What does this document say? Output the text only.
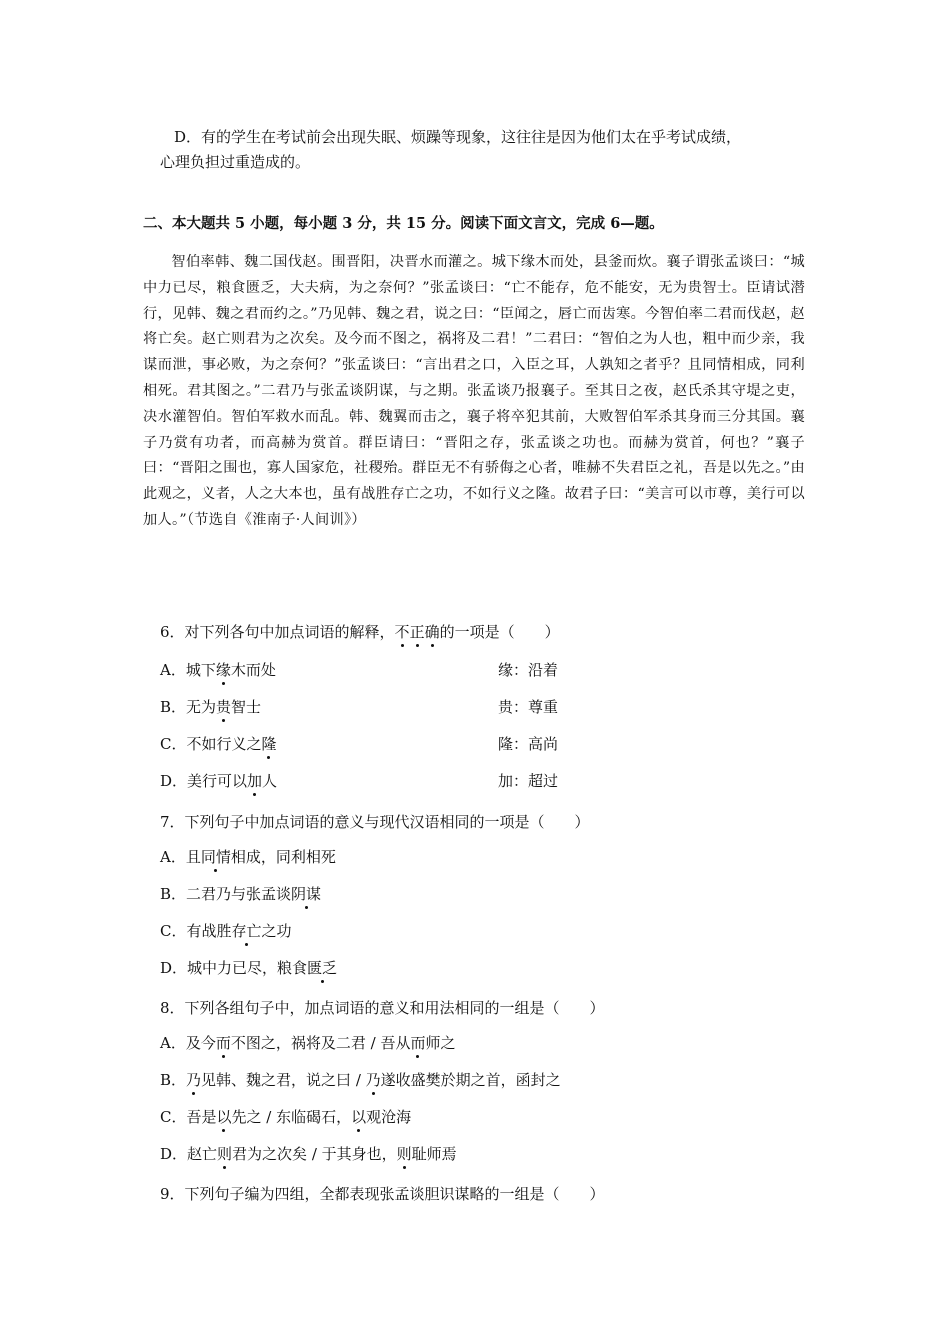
D．有的学生在考试前会出现失眠、烦躁等现象，这往往是因为他们太在乎考试成绩，
心理负担过重造成的。
二、本大题共 5 小题，每小题 3 分，共 15 分。阅读下面文言文，完成 6—题。
智伯率韩、魏二国伐赵。围晋阳，决晋水而灌之。城下缘木而处，县釜而炊。襄子谓张孟谈曰：“城中力已尽，粮食匮乏，大夫病，为之奈何？”张孟谈曰：“亡不能存，危不能安，无为贵智士。臣请试潜行，见韩、魏之君而约之。”乃见韩、魏之君，说之曰：“臣闻之，唇亡而齿寒。今智伯率二君而伐赵，赵将亡矣。赵亡则君为之次矣。及今而不图之，祸将及二君！”二君曰：“智伯之为人也，粗中而少亲，我谋而泄，事必败，为之奈何？”张孟谈曰：“言出君之口，入臣之耳，人孰知之者乎？且同情相成，同利相死。君其图之。”二君乃与张孟谈阴谋，与之期。张孟谈乃报襄子。至其日之夜，赵氏杀其守堤之吏，决水灌智伯。智伯军救水而乱。韩、魏翼而击之，襄子将卒犯其前，大败智伯军杀其身而三分其国。襄子乃赏有功者，而高赫为赏首。群臣请曰：“晋阳之存，张孟谈之功也。而赫为赏首，何也？”襄子曰：“晋阳之围也，寡人国家危，社稷殆。群臣无不有骄侮之心者，唯赫不失君臣之礼，吾是以先之。”由此观之，义者，人之大本也，虽有战胜存亡之功，不如行义之隆。故君子曰：“美言可以市尊，美行可以加人。”（节选自《淮南子·人间训》）
6．对下列各句中加点词语的解释，不正确的一项是（　　）
A．城下缘木而处	缘：沿着
B．无为贵智士	贵：尊重
C．不如行义之隆	隆：高尚
D．美行可以加人	加：超过
7．下列句子中加点词语的意义与现代汉语相同的一项是（　　）
A．且同情相成，同利相死
B．二君乃与张孟谈阴谋
C．有战胜存亡之功
D．城中力已尽，粮食匮乏
8．下列各组句子中，加点词语的意义和用法相同的一组是（　　）
A．及今而不图之，祸将及二君 / 吾从而师之
B．乃见韩、魏之君，说之曰 / 乃遂收盛樊於期之首，函封之
C．吾是以先之 / 东临碣石，以观沧海
D．赵亡则君为之次矣 / 于其身也，则耻师焉
9．下列句子编为四组，全都表现张孟谈胆识谋略的一组是（　　）
